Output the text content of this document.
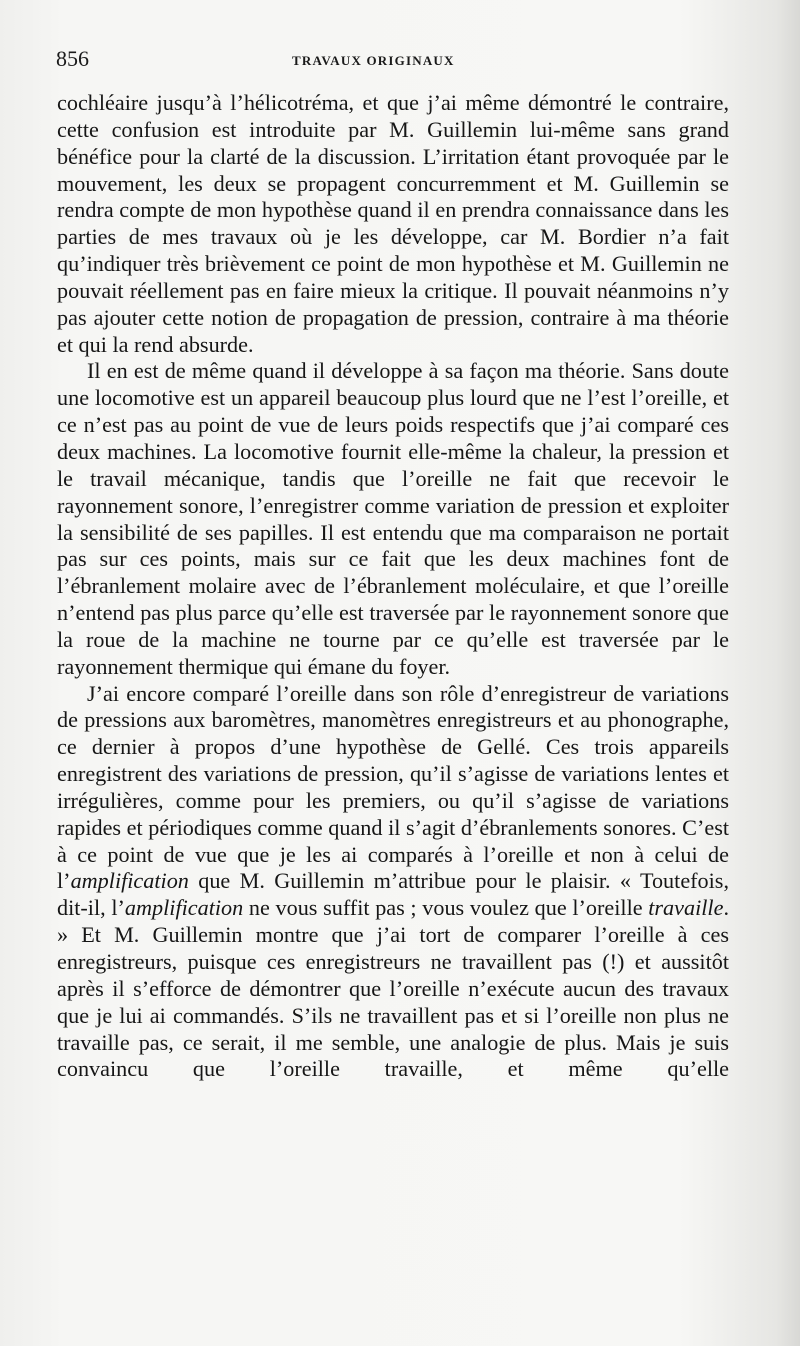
856	TRAVAUX ORIGINAUX

cochléaire jusqu’à l’hélicotréma, et que j’ai même démontré le contraire, cette confusion est introduite par M. Guillemin lui-même sans grand bénéfice pour la clarté de la discussion. L’irritation étant provoquée par le mouvement, les deux se propagent concurremment et M. Guillemin se rendra compte de mon hypothèse quand il en prendra connaissance dans les parties de mes travaux où je les développe, car M. Bordier n’a fait qu’indiquer très brièvement ce point de mon hypothèse et M. Guillemin ne pouvait réellement pas en faire mieux la critique. Il pouvait néanmoins n’y pas ajouter cette notion de propagation de pression, contraire à ma théorie et qui la rend absurde.

Il en est de même quand il développe à sa façon ma théorie. Sans doute une locomotive est un appareil beaucoup plus lourd que ne l’est l’oreille, et ce n’est pas au point de vue de leurs poids respectifs que j’ai comparé ces deux machines. La locomotive fournit elle-même la chaleur, la pression et le travail mécanique, tandis que l’oreille ne fait que recevoir le rayonnement sonore, l’enregistrer comme variation de pression et exploiter la sensibilité de ses papilles. Il est entendu que ma comparaison ne portait pas sur ces points, mais sur ce fait que les deux machines font de l’ébranlement molaire avec de l’ébranlement moléculaire, et que l’oreille n’entend pas plus parce qu’elle est traversée par le rayonnement sonore que la roue de la machine ne tourne par ce qu’elle est traversée par le rayonnement thermique qui émane du foyer.

J’ai encore comparé l’oreille dans son rôle d’enregistreur de variations de pressions aux baromètres, manomètres enregistreurs et au phonographe, ce dernier à propos d’une hypothèse de Gellé. Ces trois appareils enregistrent des variations de pression, qu’il s’agisse de variations lentes et irrégulières, comme pour les premiers, ou qu’il s’agisse de variations rapides et périodiques comme quand il s’agit d’ébranlements sonores. C’est à ce point de vue que je les ai comparés à l’oreille et non à celui de l’amplification que M. Guillemin m’attribue pour le plaisir. « Toutefois, dit-il, l’amplification ne vous suffit pas ; vous voulez que l’oreille travaille. » Et M. Guillemin montre que j’ai tort de comparer l’oreille à ces enregistreurs, puisque ces enregistreurs ne travaillent pas (!) et aussitôt après il s’efforce de démontrer que l’oreille n’exécute aucun des travaux que je lui ai commandés. S’ils ne travaillent pas et si l’oreille non plus ne travaille pas, ce serait, il me semble, une analogie de plus. Mais je suis convaincu que l’oreille travaille, et même qu’elle
